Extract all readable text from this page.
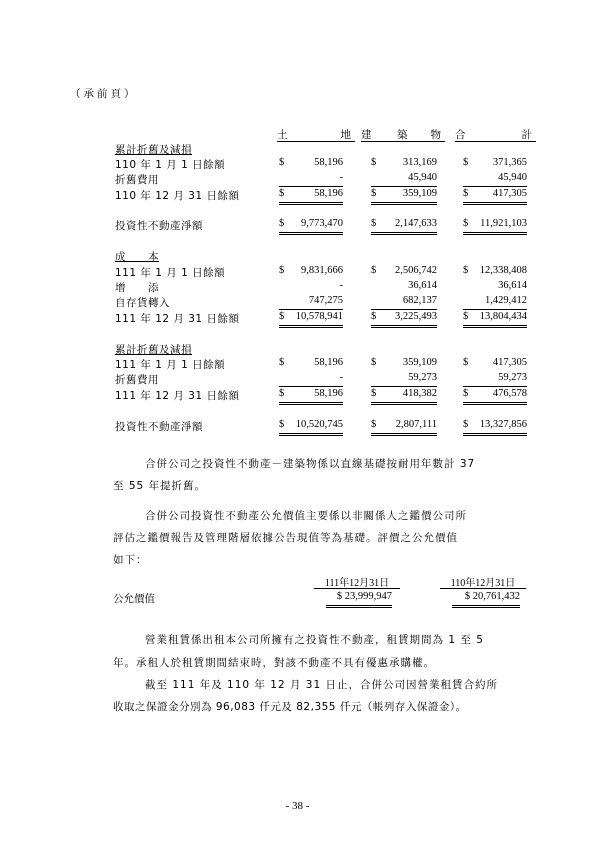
（承前頁）
土	地 建 築 物 合	計
累計折舊及減損
110 年 1 月 1 日餘額	$	58,196	$	313,169 $ 371,365
折舊費用	-	45,940	45,940
110 年 12 月 31 日餘額	$	58,196	$	359,109 $ 417,305
投資性不動產淨額	$ 9,773,470	$ 2,147,633 $ 11,921,103
成　　本
111 年 1 月 1 日餘額	$ 9,831,666	$ 2,506,742 $ 12,338,408
增　　添	-	36,614	36,614
自存貨轉入	747,275	682,137	1,429,412
111 年 12 月 31 日餘額	$ 10,578,941	$ 3,225,493 $ 13,804,434
累計折舊及減損
111 年 1 月 1 日餘額	$	58,196	$	359,109 $ 417,305
折舊費用	-	59,273	59,273
111 年 12 月 31 日餘額	$	58,196	$	418,382 $ 476,578
投資性不動產淨額	$ 10,520,745	$ 2,807,111 $ 13,327,856
合併公司之投資性不動產－建築物係以直線基礎按耐用年數計 37
至 55 年提折舊。
合併公司投資性不動產公允價值主要係以非關係人之鑑價公司所
評估之鑑價報告及管理階層依據公告現值等為基礎。評價之公允價值
如下：
111年12月31日	110年12月31日
公允價值	$ 23,999,947	$ 20,761,432
營業租賃係出租本公司所擁有之投資性不動產，租賃期間為 1 至 5
年。承租人於租賃期間結束時，對該不動產不具有優惠承購權。
截至 111 年及 110 年 12 月 31 日止，合併公司因營業租賃合約所
收取之保證金分別為 96,083 仟元及 82,355 仟元（帳列存入保證金）。
- 38 -
